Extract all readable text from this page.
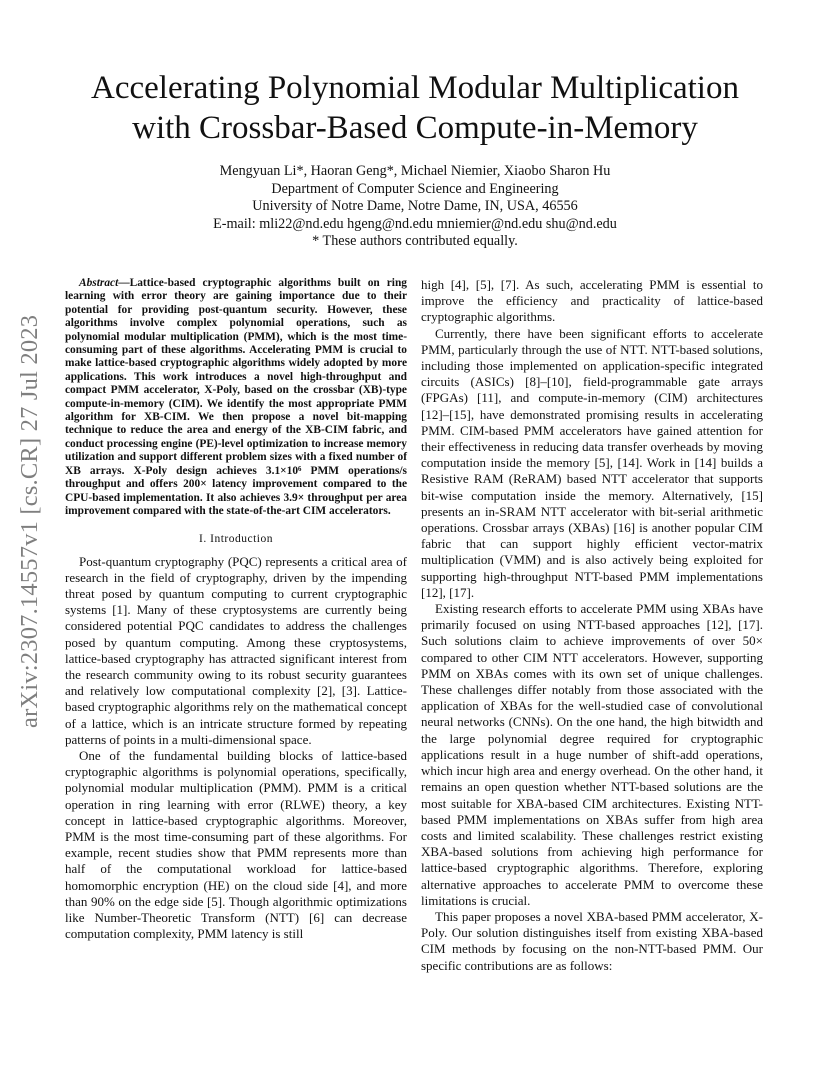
arXiv:2307.14557v1 [cs.CR] 27 Jul 2023
Accelerating Polynomial Modular Multiplication with Crossbar-Based Compute-in-Memory
Mengyuan Li*, Haoran Geng*, Michael Niemier, Xiaobo Sharon Hu
Department of Computer Science and Engineering
University of Notre Dame, Notre Dame, IN, USA, 46556
E-mail: mli22@nd.edu hgeng@nd.edu mniemier@nd.edu shu@nd.edu
* These authors contributed equally.

Abstract—Lattice-based cryptographic algorithms built on ring learning with error theory are gaining importance due to their potential for providing post-quantum security. However, these algorithms involve complex polynomial operations, such as polynomial modular multiplication (PMM), which is the most time-consuming part of these algorithms. Accelerating PMM is crucial to make lattice-based cryptographic algorithms widely adopted by more applications. This work introduces a novel high-throughput and compact PMM accelerator, X-Poly, based on the crossbar (XB)-type compute-in-memory (CIM). We identify the most appropriate PMM algorithm for XB-CIM. We then propose a novel bit-mapping technique to reduce the area and energy of the XB-CIM fabric, and conduct processing engine (PE)-level optimization to increase memory utilization and support different problem sizes with a fixed number of XB arrays. X-Poly design achieves 3.1×10⁶ PMM operations/s throughput and offers 200× latency improvement compared to the CPU-based implementation. It also achieves 3.9× throughput per area improvement compared with the state-of-the-art CIM accelerators.

I. Introduction

Post-quantum cryptography (PQC) represents a critical area of research in the field of cryptography, driven by the impending threat posed by quantum computing to current cryptographic systems [1]. Many of these cryptosystems are currently being considered potential PQC candidates to address the challenges posed by quantum computing. Among these cryptosystems, lattice-based cryptography has attracted significant interest from the research community owing to its robust security guarantees and relatively low computational complexity [2], [3]. Lattice-based cryptographic algorithms rely on the mathematical concept of a lattice, which is an intricate structure formed by repeating patterns of points in a multi-dimensional space.

One of the fundamental building blocks of lattice-based cryptographic algorithms is polynomial operations, specifically, polynomial modular multiplication (PMM). PMM is a critical operation in ring learning with error (RLWE) theory, a key concept in lattice-based cryptographic algorithms. Moreover, PMM is the most time-consuming part of these algorithms. For example, recent studies show that PMM represents more than half of the computational workload for lattice-based homomorphic encryption (HE) on the cloud side [4], and more than 90% on the edge side [5]. Though algorithmic optimizations like Number-Theoretic Transform (NTT) [6] can decrease computation complexity, PMM latency is still

high [4], [5], [7]. As such, accelerating PMM is essential to improve the efficiency and practicality of lattice-based cryptographic algorithms.

Currently, there have been significant efforts to accelerate PMM, particularly through the use of NTT. NTT-based solutions, including those implemented on application-specific integrated circuits (ASICs) [8]–[10], field-programmable gate arrays (FPGAs) [11], and compute-in-memory (CIM) architectures [12]–[15], have demonstrated promising results in accelerating PMM. CIM-based PMM accelerators have gained attention for their effectiveness in reducing data transfer overheads by moving computation inside the memory [5], [14]. Work in [14] builds a Resistive RAM (ReRAM) based NTT accelerator that supports bit-wise computation inside the memory. Alternatively, [15] presents an in-SRAM NTT accelerator with bit-serial arithmetic operations. Crossbar arrays (XBAs) [16] is another popular CIM fabric that can support highly efficient vector-matrix multiplication (VMM) and is also actively being exploited for supporting high-throughput NTT-based PMM implementations [12], [17].

Existing research efforts to accelerate PMM using XBAs have primarily focused on using NTT-based approaches [12], [17]. Such solutions claim to achieve improvements of over 50× compared to other CIM NTT accelerators. However, supporting PMM on XBAs comes with its own set of unique challenges. These challenges differ notably from those associated with the application of XBAs for the well-studied case of convolutional neural networks (CNNs). On the one hand, the high bitwidth and the large polynomial degree required for cryptographic applications result in a huge number of shift-add operations, which incur high area and energy overhead. On the other hand, it remains an open question whether NTT-based solutions are the most suitable for XBA-based CIM architectures. Existing NTT-based PMM implementations on XBAs suffer from high area costs and limited scalability. These challenges restrict existing XBA-based solutions from achieving high performance for lattice-based cryptographic algorithms. Therefore, exploring alternative approaches to accelerate PMM to overcome these limitations is crucial.

This paper proposes a novel XBA-based PMM accelerator, X-Poly. Our solution distinguishes itself from existing XBA-based CIM methods by focusing on the non-NTT-based PMM. Our specific contributions are as follows:
